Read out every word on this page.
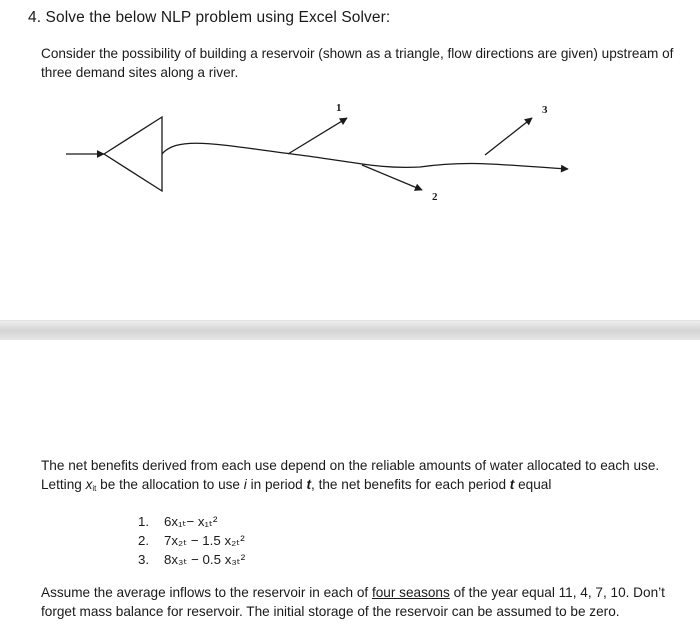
4. Solve the below NLP problem using Excel Solver:

Consider the possibility of building a reservoir (shown as a triangle, flow directions are given) upstream of three demand sites along a river.

1
2
3

The net benefits derived from each use depend on the reliable amounts of water allocated to each use.
Letting $x_{it}$ be the allocation to use i in period t, the net benefits for each period t equal

1. 6x₁ₜ− x₁ₜ²
2. 7x₂ₜ − 1.5 x₂ₜ²
3. 8x₃ₜ − 0.5 x₃ₜ²

Assume the average inflows to the reservoir in each of four seasons of the year equal 11, 4, 7, 10. Don’t forget mass balance for reservoir. The initial storage of the reservoir can be assumed to be zero.
